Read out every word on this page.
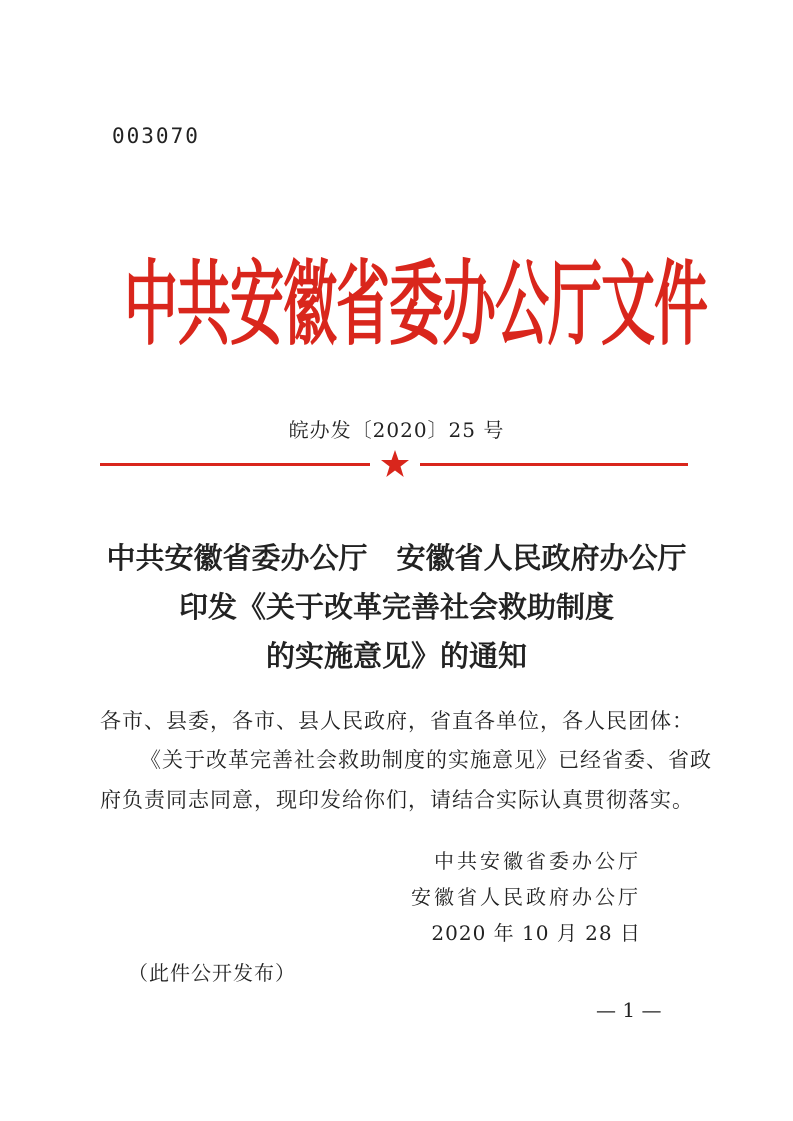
003070
中共安徽省委办公厅文件
皖办发〔2020〕25 号
中共安徽省委办公厅　安徽省人民政府办公厅
印发《关于改革完善社会救助制度
的实施意见》的通知
各市、县委，各市、县人民政府，省直各单位，各人民团体：
《关于改革完善社会救助制度的实施意见》已经省委、省政
府负责同志同意，现印发给你们，请结合实际认真贯彻落实。
中共安徽省委办公厅
安徽省人民政府办公厅
2020 年 10 月 28 日
（此件公开发布）
— 1 —
